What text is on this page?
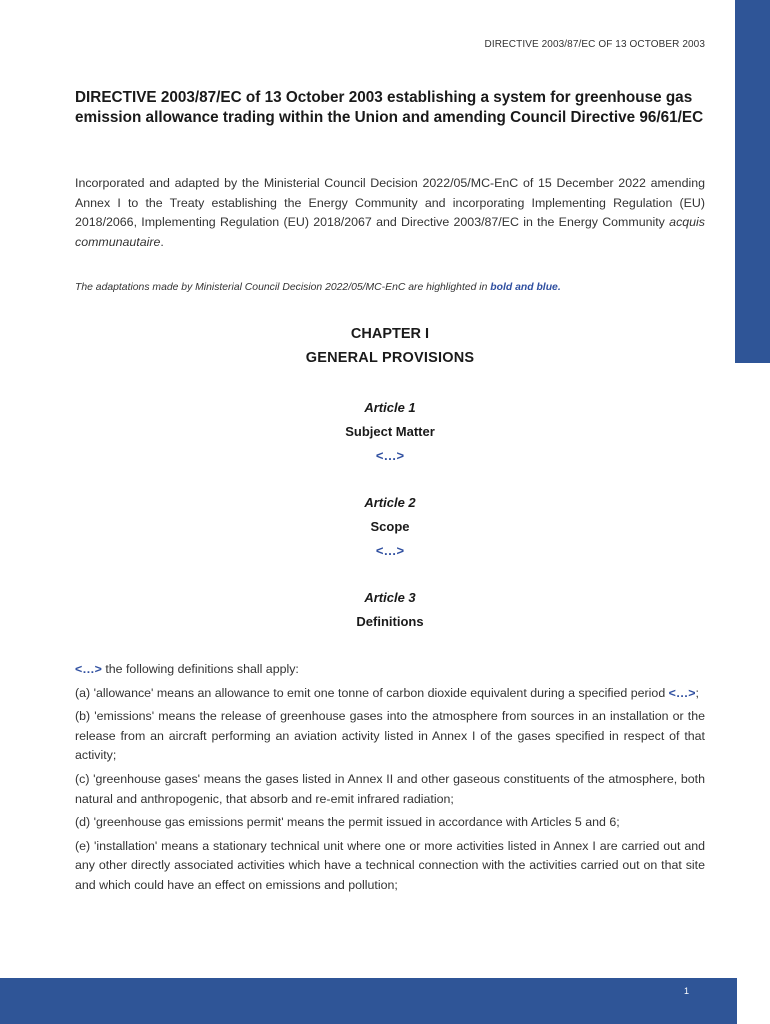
DIRECTIVE 2003/87/EC OF 13 OCTOBER 2003
DIRECTIVE 2003/87/EC of 13 October 2003 establishing a system for greenhouse gas emission allowance trading within the Union and amending Council Directive 96/61/EC
Incorporated and adapted by the Ministerial Council Decision 2022/05/MC-EnC of 15 December 2022 amending Annex I to the Treaty establishing the Energy Community and incorporating Implementing Regulation (EU) 2018/2066, Implementing Regulation (EU) 2018/2067 and Directive 2003/87/EC in the Energy Community acquis communautaire.
The adaptations made by Ministerial Council Decision 2022/05/MC-EnC are highlighted in bold and blue.
CHAPTER I
GENERAL PROVISIONS
Article 1
Subject Matter
<…>
Article 2
Scope
<…>
Article 3
Definitions

<…> the following definitions shall apply:

(a) 'allowance' means an allowance to emit one tonne of carbon dioxide equivalent during a specified period <…>;

(b) 'emissions' means the release of greenhouse gases into the atmosphere from sources in an installation or the release from an aircraft performing an aviation activity listed in Annex I of the gases specified in respect of that activity;

(c) 'greenhouse gases' means the gases listed in Annex II and other gaseous constituents of the atmosphere, both natural and anthropogenic, that absorb and re-emit infrared radiation;

(d) 'greenhouse gas emissions permit' means the permit issued in accordance with Articles 5 and 6;

(e) 'installation' means a stationary technical unit where one or more activities listed in Annex I are carried out and any other directly associated activities which have a technical connection with the activities carried out on that site and which could have an effect on emissions and pollution;

1
